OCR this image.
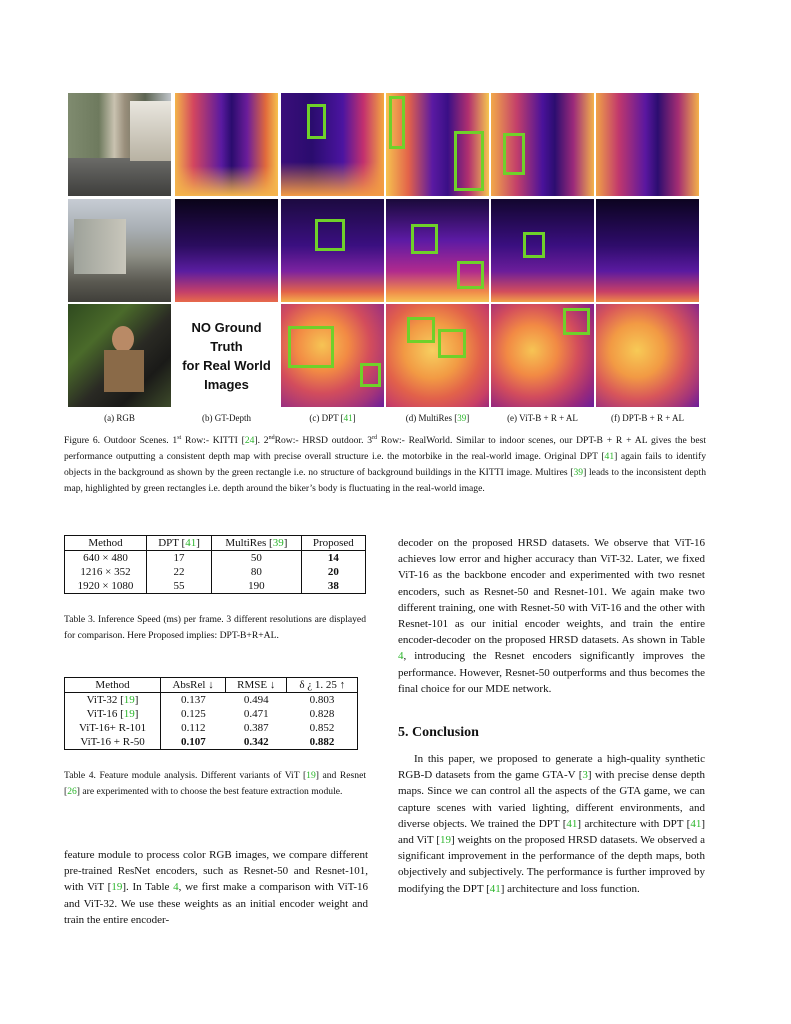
NO Ground Truth
for Real World
Images
(a) RGB	(b) GT-Depth	(c) DPT [41]	(d) MultiRes [39]	(e) ViT-B + R + AL	(f) DPT-B + R + AL
Figure 6. Outdoor Scenes. 1st Row:- KITTI [24]. 2ndRow:- HRSD outdoor. 3rd Row:- RealWorld. Similar to indoor scenes, our DPT-B + R + AL gives the best performance outputting a consistent depth map with precise overall structure i.e. the motorbike in the real-world image. Original DPT [41] again fails to identify objects in the background as shown by the green rectangle i.e. no structure of background buildings in the KITTI image. Multires [39] leads to the inconsistent depth map, highlighted by green rectangles i.e. depth around the biker’s body is fluctuating in the real-world image.
Method	DPT [41]	MultiRes [39]	Proposed
640 × 480	17	50	14
1216 × 352	22	80	20
1920 × 1080	55	190	38
Table 3. Inference Speed (ms) per frame. 3 different resolutions are displayed for comparison. Here Proposed implies: DPT-B+R+AL.
Method	AbsRel ↓	RMSE ↓	δ ¿ 1. 25 ↑
ViT-32 [19]	0.137	0.494	0.803
ViT-16 [19]	0.125	0.471	0.828
ViT-16+ R-101	0.112	0.387	0.852
ViT-16 + R-50	0.107	0.342	0.882
Table 4. Feature module analysis. Different variants of ViT [19] and Resnet [26] are experimented with to choose the best feature extraction module.
feature module to process color RGB images, we compare different pre-trained ResNet encoders, such as Resnet-50 and Resnet-101, with ViT [19]. In Table 4, we first make a comparison with ViT-16 and ViT-32. We use these weights as an initial encoder weight and train the entire encoder-
decoder on the proposed HRSD datasets. We observe that ViT-16 achieves low error and higher accuracy than ViT-32. Later, we fixed ViT-16 as the backbone encoder and experimented with two resnet encoders, such as Resnet-50 and Resnet-101. We again make two different training, one with Resnet-50 with ViT-16 and the other with Resnet-101 as our initial encoder weights, and train the entire encoder-decoder on the proposed HRSD datasets. As shown in Table 4, introducing the Resnet encoders significantly improves the performance. However, Resnet-50 outperforms and thus becomes the final choice for our MDE network.
5. Conclusion
In this paper, we proposed to generate a high-quality synthetic RGB-D datasets from the game GTA-V [3] with precise dense depth maps. Since we can control all the aspects of the GTA game, we can capture scenes with varied lighting, different environments, and diverse objects. We trained the DPT [41] architecture with DPT [41] and ViT [19] weights on the proposed HRSD datasets. We observed a significant improvement in the performance of the depth maps, both objectively and subjectively. The performance is further improved by modifying the DPT [41] architecture and loss function.
